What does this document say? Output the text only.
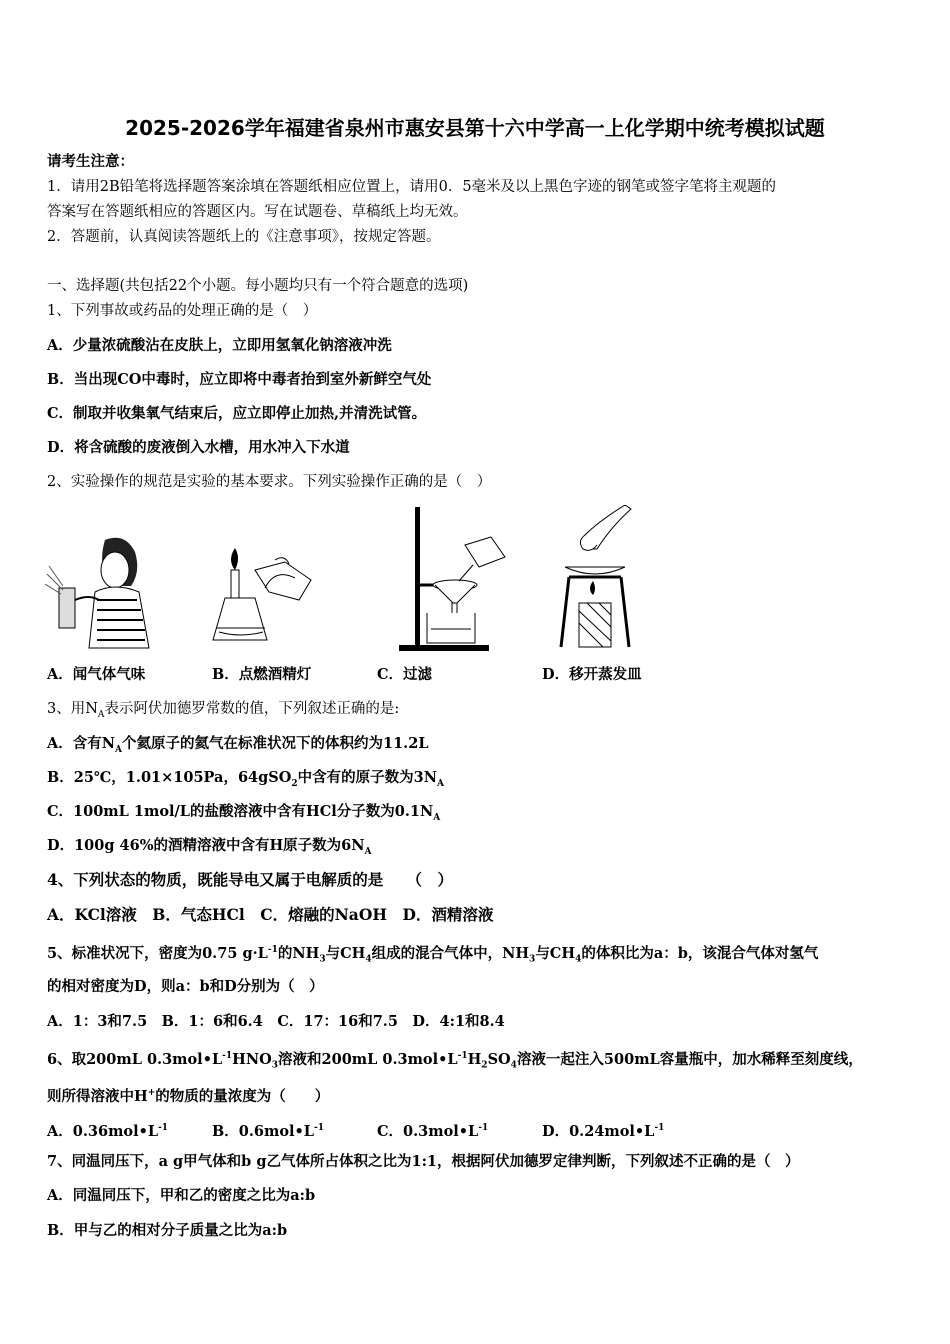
2025-2026学年福建省泉州市惠安县第十六中学高一上化学期中统考模拟试题
请考生注意：
1．请用2B铅笔将选择题答案涂填在答题纸相应位置上，请用0．5毫米及以上黑色字迹的钢笔或签字笔将主观题的
答案写在答题纸相应的答题区内。写在试题卷、草稿纸上均无效。
2．答题前，认真阅读答题纸上的《注意事项》，按规定答题。
一、选择题(共包括22个小题。每小题均只有一个符合题意的选项)
1、下列事故或药品的处理正确的是（　）
A．少量浓硫酸沾在皮肤上，立即用氢氧化钠溶液冲洗
B．当出现CO中毒时，应立即将中毒者抬到室外新鲜空气处
C．制取并收集氧气结束后，应立即停止加热,并清洗试管。
D．将含硫酸的废液倒入水槽，用水冲入下水道
2、实验操作的规范是实验的基本要求。下列实验操作正确的是（　）
A．闻气体气味	B．点燃酒精灯	C．过滤	D．移开蒸发皿
3、用$N_A$表示阿伏加德罗常数的值，下列叙述正确的是:
A．含有$N_A$个氦原子的氦气在标准状况下的体积约为11.2L
B．25℃，1.01×105Pa，64gSO$_2$中含有的原子数为$3N_A$
C．100mL 1mol/L的盐酸溶液中含有HCl分子数为$0.1N_A$
D．100g 46%的酒精溶液中含有H原子数为$6N_A$
4、下列状态的物质，既能导电又属于电解质的是　　（　）
A．KCl溶液　B．气态HCl　C．熔融的NaOH　D．酒精溶液
5、标准状况下，密度为0.75 $g\cdot L^{-1}$的$NH_3$与$CH_4$组成的混合气体中，$NH_3$与$CH_4$的体积比为a：b，该混合气体对氢气
的相对密度为D，则a：b和D分别为（　）
A．1：3和7.5　B．1：6和6.4　C．17：16和7.5　D．4:1和8.4
6、取200mL $0.3mol•L^{-1}HNO_3$溶液和200mL $0.3mol•L^{-1}H_2SO_4$溶液一起注入500mL容量瓶中，加水稀释至刻度线，
则所得溶液中H+的物质的量浓度为（　　）
A．$0.36mol•L^{-1}$	B．$0.6mol•L^{-1}$	C．$0.3mol•L^{-1}$	D．$0.24mol•L^{-1}$
7、同温同压下，a g甲气体和b g乙气体所占体积之比为1:1，根据阿伏加德罗定律判断，下列叙述不正确的是（　）
A．同温同压下，甲和乙的密度之比为a:b
B．甲与乙的相对分子质量之比为a:b
